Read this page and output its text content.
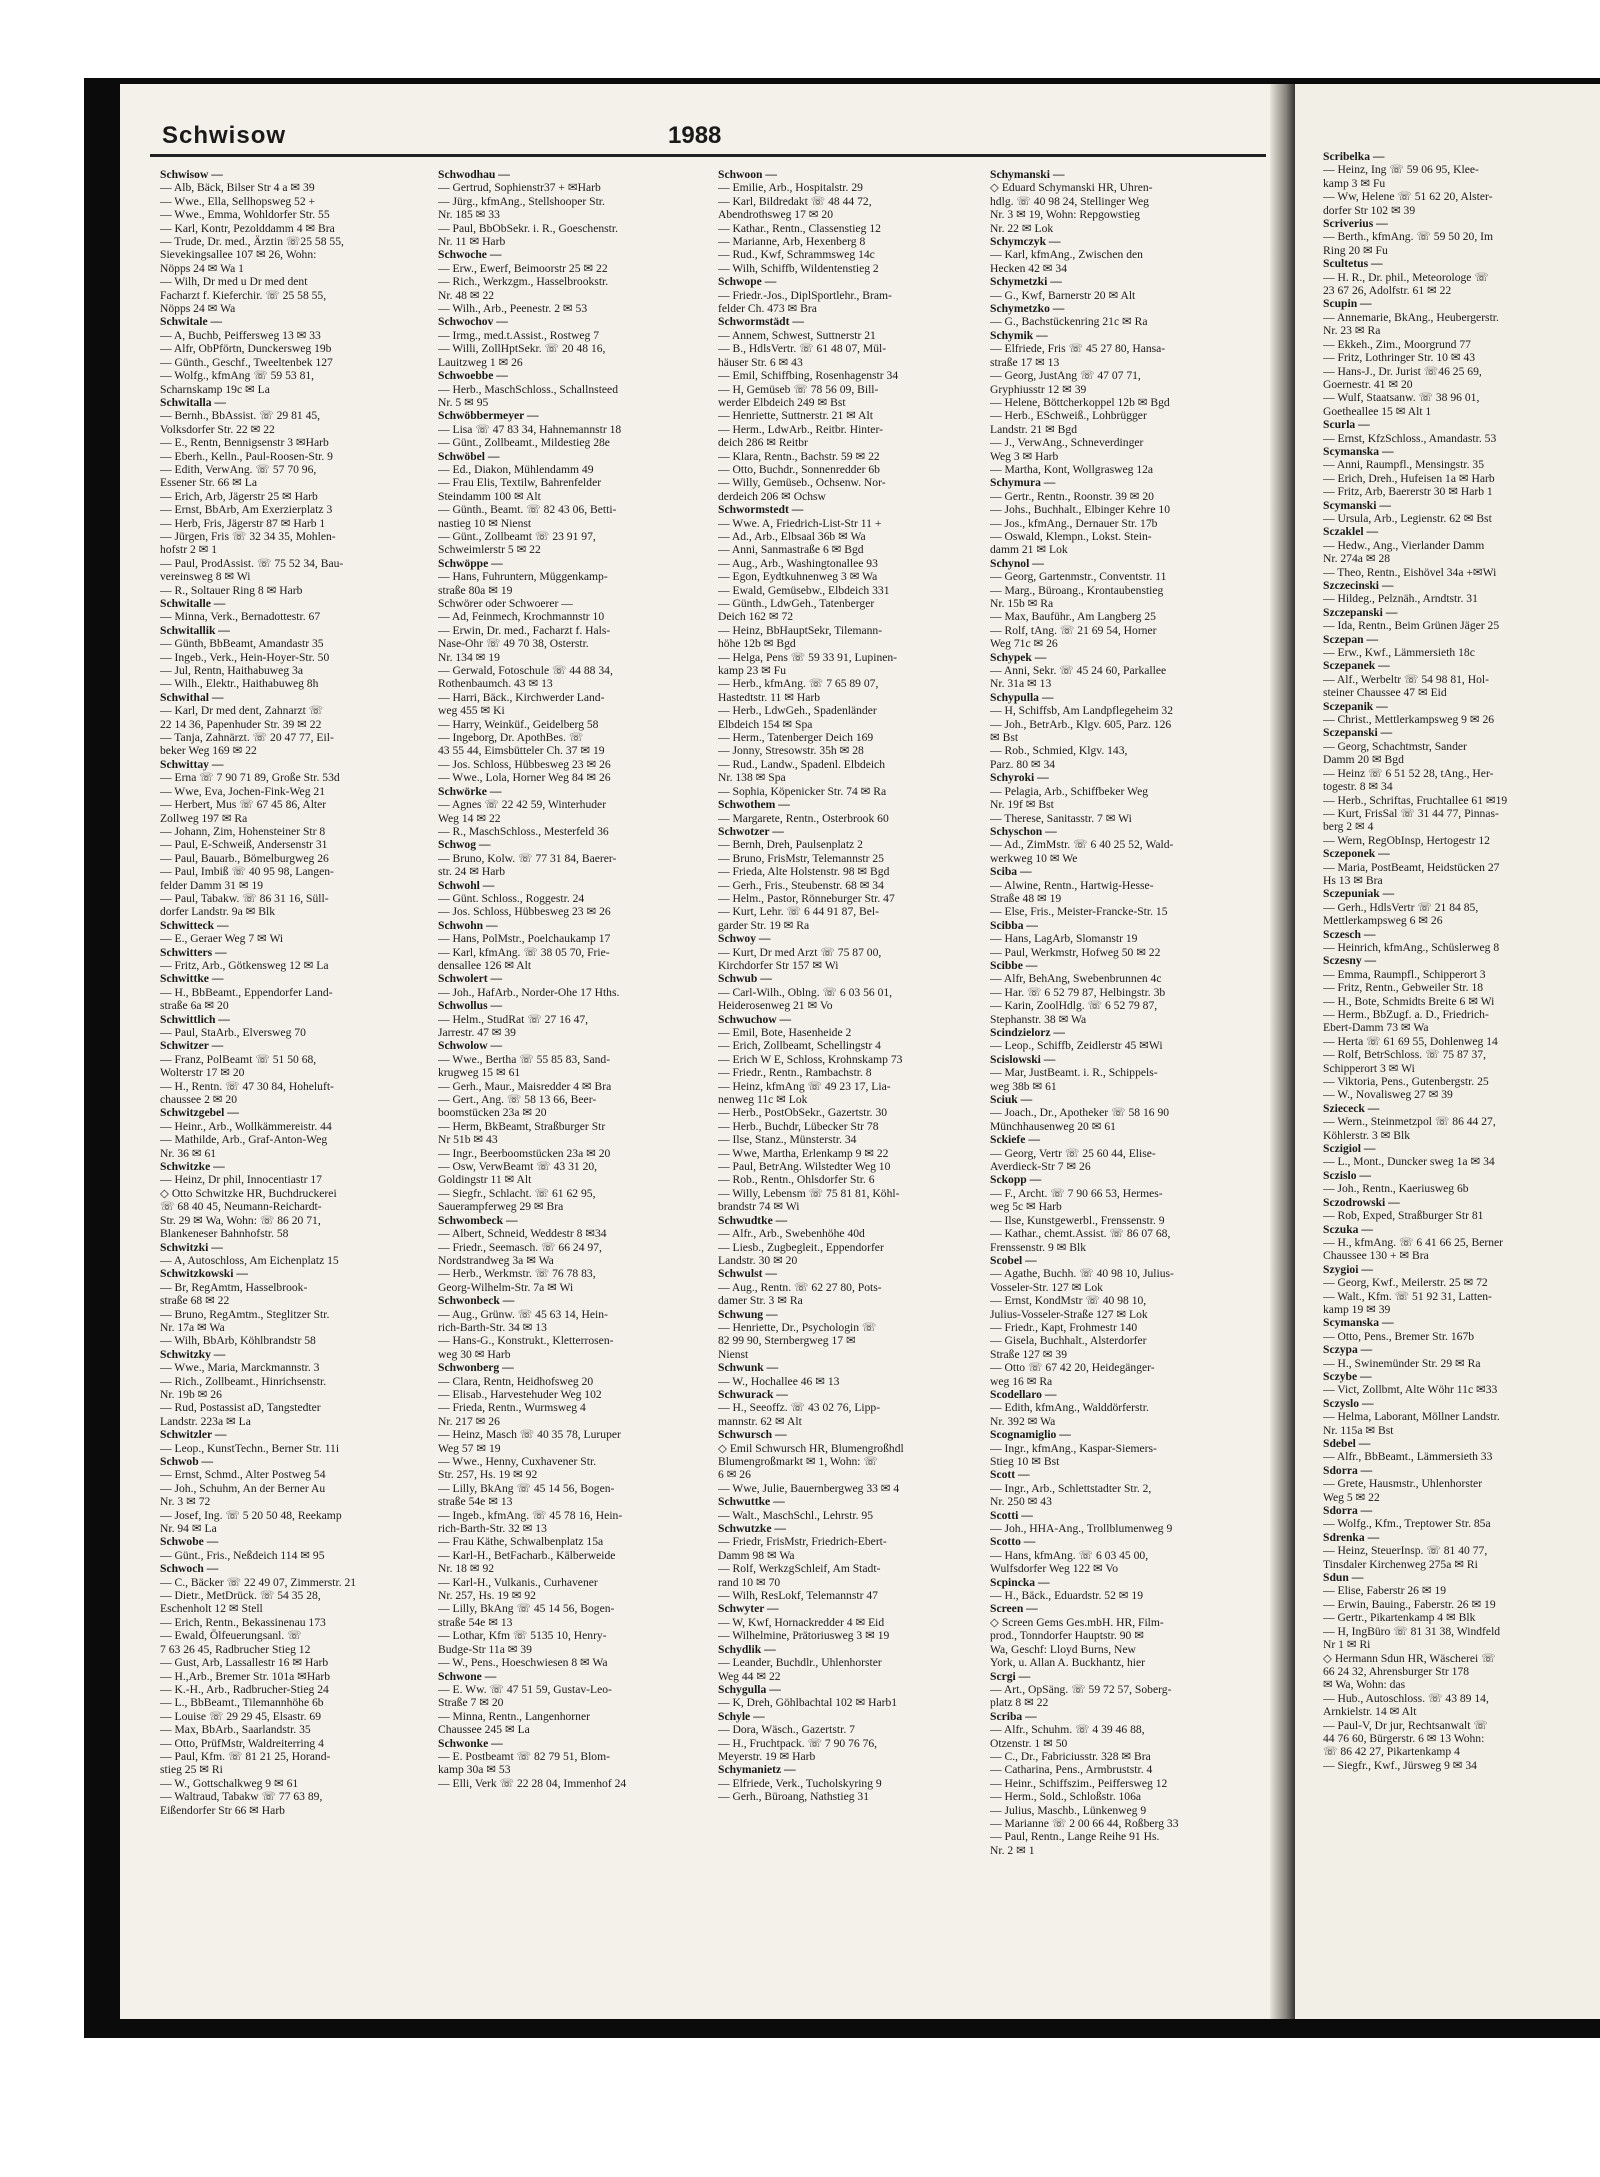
Schwisow	1988
Schwisow —
— Alb, Bäck, Bilser Str 4 a ✉ 39
— Wwe., Ella, Sellhopsweg 52 +
— Wwe., Emma, Wohldorfer Str. 55
— Karl, Kontr, Pezolddamm 4 ✉ Bra
— Trude, Dr. med., Ärztin ☏25 58 55,
Sievekingsallee 107 ✉ 26, Wohn:
Nöpps 24 ✉ Wa 1
— Wilh, Dr med u Dr med dent
Facharzt f. Kieferchir. ☏ 25 58 55,
Nöpps 24 ✉ Wa
Schwitale —
— A, Buchb, Peiffersweg 13 ✉ 33
— Alfr, ObPförtn, Dunckersweg 19b
— Günth., Geschf., Tweeltenbek 127
— Wolfg., kfmAng ☏ 59 53 81,
Scharnskamp 19c ✉ La
Schwitalla —
— Bernh., BbAssist. ☏ 29 81 45,
Volksdorfer Str. 22 ✉ 22
— E., Rentn, Bennigsenstr 3 ✉Harb
— Eberh., Kelln., Paul-Roosen-Str. 9
— Edith, VerwAng. ☏ 57 70 96,
Essener Str. 66 ✉ La
— Erich, Arb, Jägerstr 25 ✉ Harb
— Ernst, BbArb, Am Exerzierplatz 3
— Herb, Fris, Jägerstr 87 ✉ Harb 1
— Jürgen, Fris ☏ 32 34 35, Mohlen-
hofstr 2 ✉ 1
— Paul, ProdAssist. ☏ 75 52 34, Bau-
vereinsweg 8 ✉ Wi
— R., Soltauer Ring 8 ✉ Harb
Schwitalle —
— Minna, Verk., Bernadottestr. 67
Schwitallik —
— Günth, BbBeamt, Amandastr 35
— Ingeb., Verk., Hein-Hoyer-Str. 50
— Jul, Rentn, Haithabuweg 3a
— Wilh., Elektr., Haithabuweg 8h
Schwithal —
— Karl, Dr med dent, Zahnarzt ☏
22 14 36, Papenhuder Str. 39 ✉ 22
— Tanja, Zahnärzt. ☏ 20 47 77, Eil-
beker Weg 169 ✉ 22
Schwittay —
— Erna ☏ 7 90 71 89, Große Str. 53d
— Wwe, Eva, Jochen-Fink-Weg 21
— Herbert, Mus ☏ 67 45 86, Alter
Zollweg 197 ✉ Ra
— Johann, Zim, Hohensteiner Str 8
— Paul, E-Schweiß, Andersenstr 31
— Paul, Bauarb., Bömelburgweg 26
— Paul, Imbiß ☏ 40 95 98, Langen-
felder Damm 31 ✉ 19
— Paul, Tabakw. ☏ 86 31 16, Süll-
dorfer Landstr. 9a ✉ Blk
Schwitteck —
— E., Geraer Weg 7 ✉ Wi
Schwitters —
— Fritz, Arb., Götkensweg 12 ✉ La
Schwittke —
— H., BbBeamt., Eppendorfer Land-
straße 6a ✉ 20
Schwittlich —
— Paul, StaArb., Elversweg 70
Schwitzer —
— Franz, PolBeamt ☏ 51 50 68,
Wolterstr 17 ✉ 20
— H., Rentn. ☏ 47 30 84, Hoheluft-
chaussee 2 ✉ 20
Schwitzgebel —
— Heinr., Arb., Wollkämmereistr. 44
— Mathilde, Arb., Graf-Anton-Weg
Nr. 36 ✉ 61
Schwitzke —
— Heinz, Dr phil, Innocentiastr 17
◇ Otto Schwitzke HR, Buchdruckerei
☏ 68 40 45, Neumann-Reichardt-
Str. 29 ✉ Wa, Wohn: ☏ 86 20 71,
Blankeneser Bahnhofstr. 58
Schwitzki —
— A, Autoschloss, Am Eichenplatz 15
Schwitzkowski —
— Br, RegAmtm, Hasselbrook-
straße 68 ✉ 22
— Bruno, RegAmtm., Steglitzer Str.
Nr. 17a ✉ Wa
— Wilh, BbArb, Köhlbrandstr 58
Schwitzky —
— Wwe., Maria, Marckmannstr. 3
— Rich., Zollbeamt., Hinrichsenstr.
Nr. 19b ✉ 26
— Rud, Postassist aD, Tangstedter
Landstr. 223a ✉ La
Schwitzler —
— Leop., KunstTechn., Berner Str. 11i
Schwob —
— Ernst, Schmd., Alter Postweg 54
— Joh., Schuhm, An der Berner Au
Nr. 3 ✉ 72
— Josef, Ing. ☏ 5 20 50 48, Reekamp
Nr. 94 ✉ La
Schwobe —
— Günt., Fris., Neßdeich 114 ✉ 95
Schwoch —
— C., Bäcker ☏ 22 49 07, Zimmerstr. 21
— Dietr., MetDrück. ☏ 54 35 28,
Eschenholt 12 ✉ Stell
— Erich, Rentn., Bekassinenau 173
— Ewald, Ölfeuerungsanl. ☏
7 63 26 45, Radbrucher Stieg 12
— Gust, Arb, Lassallestr 16 ✉ Harb
— H.,Arb., Bremer Str. 101a ✉Harb
— K.-H., Arb., Radbrucher-Stieg 24
— L., BbBeamt., Tilemannhöhe 6b
— Louise ☏ 29 29 45, Elsastr. 69
— Max, BbArb., Saarlandstr. 35
— Otto, PrüfMstr, Waldreiterring 4
— Paul, Kfm. ☏ 81 21 25, Horand-
stieg 25 ✉ Ri
— W., Gottschalkweg 9 ✉ 61
— Waltraud, Tabakw ☏ 77 63 89,
Eißendorfer Str 66 ✉ Harb
Schwodhau —
— Gertrud, Sophienstr37 + ✉Harb
— Jürg., kfmAng., Stellshooper Str.
Nr. 185 ✉ 33
— Paul, BbObSekr. i. R., Goeschenstr.
Nr. 11 ✉ Harb
Schwoche —
— Erw., Ewerf, Beimoorstr 25 ✉ 22
— Rich., Werkzgm., Hasselbrookstr.
Nr. 48 ✉ 22
— Wilh., Arb., Peenestr. 2 ✉ 53
Schwochov —
— Irmg., med.t.Assist., Rostweg 7
— Willi, ZollHptSekr. ☏ 20 48 16,
Lauitzweg 1 ✉ 26
Schwoebbe —
— Herb., MaschSchloss., Schallnsteed
Nr. 5 ✉ 95
Schwöbbermeyer —
— Lisa ☏ 47 83 34, Hahnemannstr 18
— Günt., Zollbeamt., Mildestieg 28e
Schwöbel —
— Ed., Diakon, Mühlendamm 49
— Frau Elis, Textilw, Bahrenfelder
Steindamm 100 ✉ Alt
— Günth., Beamt. ☏ 82 43 06, Betti-
nastieg 10 ✉ Nienst
— Günt., Zollbeamt ☏ 23 91 97,
Schweimlerstr 5 ✉ 22
Schwöppe —
— Hans, Fuhruntern, Müggenkamp-
straße 80a ✉ 19
Schwörer oder Schwoerer —
— Ad, Feinmech, Krochmannstr 10
— Erwin, Dr. med., Facharzt f. Hals-
Nase-Ohr ☏ 49 70 38, Osterstr.
Nr. 134 ✉ 19
— Gerwald, Fotoschule ☏ 44 88 34,
Rothenbaumch. 43 ✉ 13
— Harri, Bäck., Kirchwerder Land-
weg 455 ✉ Ki
— Harry, Weinküf., Geidelberg 58
— Ingeborg, Dr. ApothBes. ☏
43 55 44, Eimsbütteler Ch. 37 ✉ 19
— Jos. Schloss, Hübbesweg 23 ✉ 26
— Wwe., Lola, Horner Weg 84 ✉ 26
Schwörke —
— Agnes ☏ 22 42 59, Winterhuder
Weg 14 ✉ 22
— R., MaschSchloss., Mesterfeld 36
Schwog —
— Bruno, Kolw. ☏ 77 31 84, Baerer-
str. 24 ✉ Harb
Schwohl —
— Günt. Schloss., Roggestr. 24
— Jos. Schloss, Hübbesweg 23 ✉ 26
Schwohn —
— Hans, PolMstr., Poelchaukamp 17
— Karl, kfmAng. ☏ 38 05 70, Frie-
densallee 126 ✉ Alt
Schwolert —
— Joh., HafArb., Norder-Ohe 17 Hths.
Schwollus —
— Helm., StudRat ☏ 27 16 47,
Jarrestr. 47 ✉ 39
Schwolow —
— Wwe., Bertha ☏ 55 85 83, Sand-
krugweg 15 ✉ 61
— Gerh., Maur., Maisredder 4 ✉ Bra
— Gert., Ang. ☏ 58 13 66, Beer-
boomstücken 23a ✉ 20
— Herm, BkBeamt, Straßburger Str
Nr 51b ✉ 43
— Ingr., Beerboomstücken 23a ✉ 20
— Osw, VerwBeamt ☏ 43 31 20,
Goldingstr 11 ✉ Alt
— Siegfr., Schlacht. ☏ 61 62 95,
Sauerampferweg 29 ✉ Bra
Schwombeck —
— Albert, Schneid, Weddestr 8 ✉34
— Friedr., Seemasch. ☏ 66 24 97,
Nordstrandweg 3a ✉ Wa
— Herb., Werkmstr. ☏ 76 78 83,
Georg-Wilhelm-Str. 7a ✉ Wi
Schwonbeck —
— Aug., Grünw. ☏ 45 63 14, Hein-
rich-Barth-Str. 34 ✉ 13
— Hans-G., Konstrukt., Kletterrosen-
weg 30 ✉ Harb
Schwonberg —
— Clara, Rentn, Heidhofsweg 20
— Elisab., Harvestehuder Weg 102
— Frieda, Rentn., Wurmsweg 4
Nr. 217 ✉ 26
— Heinz, Masch ☏ 40 35 78, Luruper
Weg 57 ✉ 19
— Wwe., Henny, Cuxhavener Str.
Str. 257, Hs. 19 ✉ 92
— Lilly, BkAng ☏ 45 14 56, Bogen-
straße 54e ✉ 13
— Ingeb., kfmAng. ☏ 45 78 16, Hein-
rich-Barth-Str. 32 ✉ 13
— Frau Käthe, Schwalbenplatz 15a
— Karl-H., BetFacharb., Kälberweide
Nr. 18 ✉ 92
— Karl-H., Vulkanis., Curhavener
Nr. 257, Hs. 19 ✉ 92
— Lilly, BkAng ☏ 45 14 56, Bogen-
straße 54e ✉ 13
— Lothar, Kfm ☏ 5135 10, Henry-
Budge-Str 11a ✉ 39
— W., Pens., Hoeschwiesen 8 ✉ Wa
Schwone —
— E. Ww. ☏ 47 51 59, Gustav-Leo-
Straße 7 ✉ 20
— Minna, Rentn., Langenhorner
Chaussee 245 ✉ La
Schwonke —
— E. Postbeamt ☏ 82 79 51, Blom-
kamp 30a ✉ 53
— Elli, Verk ☏ 22 28 04, Immenhof 24
Schwoon —
— Emilie, Arb., Hospitalstr. 29
— Karl, Bildredakt ☏ 48 44 72,
Abendrothsweg 17 ✉ 20
— Kathar., Rentn., Classenstieg 12
— Marianne, Arb, Hexenberg 8
— Rud., Kwf, Schrammsweg 14c
— Wilh, Schiffb, Wildentenstieg 2
Schwope —
— Friedr.-Jos., DiplSportlehr., Bram-
felder Ch. 473 ✉ Bra
Schwormstädt —
— Annem, Schwest, Suttnerstr 21
— B., HdlsVertr. ☏ 61 48 07, Mül-
häuser Str. 6 ✉ 43
— Emil, Schiffbing, Rosenhagenstr 34
— H, Gemüseb ☏ 78 56 09, Bill-
werder Elbdeich 249 ✉ Bst
— Henriette, Suttnerstr. 21 ✉ Alt
— Herm., LdwArb., Reitbr. Hinter-
deich 286 ✉ Reitbr
— Klara, Rentn., Bachstr. 59 ✉ 22
— Otto, Buchdr., Sonnenredder 6b
— Willy, Gemüseb., Ochsenw. Nor-
derdeich 206 ✉ Ochsw
Schwormstedt —
— Wwe. A, Friedrich-List-Str 11 +
— Ad., Arb., Elbsaal 36b ✉ Wa
— Anni, Sanmastraße 6 ✉ Bgd
— Aug., Arb., Washingtonallee 93
— Egon, Eydtkuhnenweg 3 ✉ Wa
— Ewald, Gemüsebw., Elbdeich 331
— Günth., LdwGeh., Tatenberger
Deich 162 ✉ 72
— Heinz, BbHauptSekr, Tilemann-
höhe 12b ✉ Bgd
— Helga, Pens ☏ 59 33 91, Lupinen-
kamp 23 ✉ Fu
— Herb., kfmAng. ☏ 7 65 89 07,
Hastedtstr. 11 ✉ Harb
— Herb., LdwGeh., Spadenländer
Elbdeich 154 ✉ Spa
— Herm., Tatenberger Deich 169
— Jonny, Stresowstr. 35h ✉ 28
— Rud., Landw., Spadenl. Elbdeich
Nr. 138 ✉ Spa
— Sophia, Köpenicker Str. 74 ✉ Ra
Schwothem —
— Margarete, Rentn., Osterbrook 60
Schwotzer —
— Bernh, Dreh, Paulsenplatz 2
— Bruno, FrisMstr, Telemannstr 25
— Frieda, Alte Holstenstr. 98 ✉ Bgd
— Gerh., Fris., Steubenstr. 68 ✉ 34
— Helm., Pastor, Rönneburger Str. 47
— Kurt, Lehr. ☏ 6 44 91 87, Bel-
garder Str. 19 ✉ Ra
Schwoy —
— Kurt, Dr med Arzt ☏ 75 87 00,
Kirchdorfer Str 157 ✉ Wi
Schwub —
— Carl-Wilh., Oblng. ☏ 6 03 56 01,
Heiderosenweg 21 ✉ Vo
Schwuchow —
— Emil, Bote, Hasenheide 2
— Erich, Zollbeamt, Schellingstr 4
— Erich W E, Schloss, Krohnskamp 73
— Friedr., Rentn., Rambachstr. 8
— Heinz, kfmAng ☏ 49 23 17, Lia-
nenweg 11c ✉ Lok
— Herb., PostObSekr., Gazertstr. 30
— Herb., Buchdr, Lübecker Str 78
— Ilse, Stanz., Münsterstr. 34
— Wwe, Martha, Erlenkamp 9 ✉ 22
— Paul, BetrAng. Wilstedter Weg 10
— Rob., Rentn., Ohlsdorfer Str. 6
— Willy, Lebensm ☏ 75 81 81, Köhl-
brandstr 74 ✉ Wi
Schwudtke —
— Alfr., Arb., Swebenhöhe 40d
— Liesb., Zugbegleit., Eppendorfer
Landstr. 30 ✉ 20
Schwulst —
— Aug., Rentn. ☏ 62 27 80, Pots-
damer Str. 3 ✉ Ra
Schwung —
— Henriette, Dr., Psychologin ☏
82 99 90, Sternbergweg 17 ✉
Nienst
Schwunk —
— W., Hochallee 46 ✉ 13
Schwurack —
— H., Seeoffz. ☏ 43 02 76, Lipp-
mannstr. 62 ✉ Alt
Schwursch —
◇ Emil Schwursch HR, Blumengroßhdl
Blumengroßmarkt ✉ 1, Wohn: ☏
6 ✉ 26
— Wwe, Julie, Bauernbergweg 33 ✉ 4
Schwuttke —
— Walt., MaschSchl., Lehrstr. 95
Schwutzke —
— Friedr, FrisMstr, Friedrich-Ebert-
Damm 98 ✉ Wa
— Rolf, WerkzgSchleif, Am Stadt-
rand 10 ✉ 70
— Wilh, ResLokf, Telemannstr 47
Schwyter —
— W, Kwf, Hornackredder 4 ✉ Eid
— Wilhelmine, Prätoriusweg 3 ✉ 19
Schydlik —
— Leander, Buchdlr., Uhlenhorster
Weg 44 ✉ 22
Schygulla —
— K, Dreh, Göhlbachtal 102 ✉ Harb1
Schyle —
— Dora, Wäsch., Gazertstr. 7
— H., Fruchtpack. ☏ 7 90 76 76,
Meyerstr. 19 ✉ Harb
Schymanietz —
— Elfriede, Verk., Tucholskyring 9
— Gerh., Büroang, Nathstieg 31
Schymanski —
◇ Eduard Schymanski HR, Uhren-
hdlg. ☏ 40 98 24, Stellinger Weg
Nr. 3 ✉ 19, Wohn: Repgowstieg
Nr. 22 ✉ Lok
Schymczyk —
— Karl, kfmAng., Zwischen den
Hecken 42 ✉ 34
Schymetzki —
— G., Kwf, Barnerstr 20 ✉ Alt
Schymetzko —
— G., Bachstückenring 21c ✉ Ra
Schymik —
— Elfriede, Fris ☏ 45 27 80, Hansa-
straße 17 ✉ 13
— Georg, JustAng ☏ 47 07 71,
Gryphiusstr 12 ✉ 39
— Helene, Böttcherkoppel 12b ✉ Bgd
— Herb., ESchweiß., Lohbrügger
Landstr. 21 ✉ Bgd
— J., VerwAng., Schneverdinger
Weg 3 ✉ Harb
— Martha, Kont, Wollgrasweg 12a
Schymura —
— Gertr., Rentn., Roonstr. 39 ✉ 20
— Johs., Buchhalt., Elbinger Kehre 10
— Jos., kfmAng., Dernauer Str. 17b
— Oswald, Klempn., Lokst. Stein-
damm 21 ✉ Lok
Schynol —
— Georg, Gartenmstr., Conventstr. 11
— Marg., Büroang., Krontaubenstieg
Nr. 15b ✉ Ra
— Max, Bauführ., Am Langberg 25
— Rolf, tAng. ☏ 21 69 54, Horner
Weg 71c ✉ 26
Schypek —
— Anni, Sekr. ☏ 45 24 60, Parkallee
Nr. 31a ✉ 13
Schypulla —
— H, Schiffsb, Am Landpflegeheim 32
— Joh., BetrArb., Klgv. 605, Parz. 126
✉ Bst
— Rob., Schmied, Klgv. 143,
Parz. 80 ✉ 34
Schyroki —
— Pelagia, Arb., Schiffbeker Weg
Nr. 19f ✉ Bst
— Therese, Sanitasstr. 7 ✉ Wi
Schyschon —
— Ad., ZimMstr. ☏ 6 40 25 52, Wald-
werkweg 10 ✉ We
Sciba —
— Alwine, Rentn., Hartwig-Hesse-
Straße 48 ✉ 19
— Else, Fris., Meister-Francke-Str. 15
Scibba —
— Hans, LagArb, Slomanstr 19
— Paul, Werkmstr, Hofweg 50 ✉ 22
Scibbe —
— Alfr, BehAng, Swebenbrunnen 4c
— Har. ☏ 6 52 79 87, Helbingstr. 3b
— Karin, ZoolHdlg. ☏ 6 52 79 87,
Stephanstr. 38 ✉ Wa
Scindzielorz —
— Leop., Schiffb, Zeidlerstr 45 ✉Wi
Scislowski —
— Mar, JustBeamt. i. R., Schippels-
weg 38b ✉ 61
Sciuk —
— Joach., Dr., Apotheker ☏ 58 16 90
Münchhausenweg 20 ✉ 61
Sckiefe —
— Georg, Vertr ☏ 25 60 44, Elise-
Averdieck-Str 7 ✉ 26
Sckopp —
— F., Archt. ☏ 7 90 66 53, Hermes-
weg 5c ✉ Harb
— Ilse, Kunstgewerbl., Frenssenstr. 9
— Kathar., chemt.Assist. ☏ 86 07 68,
Frenssenstr. 9 ✉ Blk
Scobel —
— Agathe, Buchh. ☏ 40 98 10, Julius-
Vosseler-Str. 127 ✉ Lok
— Ernst, KondMstr ☏ 40 98 10,
Julius-Vosseler-Straße 127 ✉ Lok
— Friedr., Kapt, Frohmestr 140
— Gisela, Buchhalt., Alsterdorfer
Straße 127 ✉ 39
— Otto ☏ 67 42 20, Heidegänger-
weg 16 ✉ Ra
Scodellaro —
— Edith, kfmAng., Walddörferstr.
Nr. 392 ✉ Wa
Scognamiglio —
— Ingr., kfmAng., Kaspar-Siemers-
Stieg 10 ✉ Bst
Scott —
— Ingr., Arb., Schlettstadter Str. 2,
Nr. 250 ✉ 43
Scotti —
— Joh., HHA-Ang., Trollblumenweg 9
Scotto —
— Hans, kfmAng. ☏ 6 03 45 00,
Wulfsdorfer Weg 122 ✉ Vo
Scpincka —
— H., Bäck., Eduardstr. 52 ✉ 19
Screen —
◇ Screen Gems Ges.mbH. HR, Film-
prod., Tonndorfer Hauptstr. 90 ✉
Wa, Geschf: Lloyd Burns, New
York, u. Allan A. Buckhantz, hier
Scrgi —
— Art., OpSäng. ☏ 59 72 57, Soberg-
platz 8 ✉ 22
Scriba —
— Alfr., Schuhm. ☏ 4 39 46 88,
Otzenstr. 1 ✉ 50
— C., Dr., Fabriciusstr. 328 ✉ Bra
— Catharina, Pens., Armbruststr. 4
— Heinr., Schiffszim., Peiffersweg 12
— Herm., Sold., Schloßstr. 106a
— Julius, Maschb., Lünkenweg 9
— Marianne ☏ 2 00 66 44, Roßberg 33
— Paul, Rentn., Lange Reihe 91 Hs.
Nr. 2 ✉ 1
Scribelka —
— Heinz, Ing ☏ 59 06 95, Klee-
kamp 3 ✉ Fu
— Ww, Helene ☏ 51 62 20, Alster-
dorfer Str 102 ✉ 39
Scriverius —
— Berth., kfmAng. ☏ 59 50 20, Im
Ring 20 ✉ Fu
Scultetus —
— H. R., Dr. phil., Meteorologe ☏
23 67 26, Adolfstr. 61 ✉ 22
Scupin —
— Annemarie, BkAng., Heubergerstr.
Nr. 23 ✉ Ra
— Ekkeh., Zim., Moorgrund 77
— Fritz, Lothringer Str. 10 ✉ 43
— Hans-J., Dr. Jurist ☏46 25 69,
Goernestr. 41 ✉ 20
— Wulf, Staatsanw. ☏ 38 96 01,
Goetheallee 15 ✉ Alt 1
Scurla —
— Ernst, KfzSchloss., Amandastr. 53
Scymanska —
— Anni, Raumpfl., Mensingstr. 35
— Erich, Dreh., Hufeisen 1a ✉ Harb
— Fritz, Arb, Baererstr 30 ✉ Harb 1
Scymanski —
— Ursula, Arb., Legienstr. 62 ✉ Bst
Sczaklel —
— Hedw., Ang., Vierlander Damm
Nr. 274a ✉ 28
— Theo, Rentn., Eishövel 34a +✉Wi
Szczecinski —
— Hildeg., Pelznäh., Arndtstr. 31
Szczepanski —
— Ida, Rentn., Beim Grünen Jäger 25
Sczepan —
— Erw., Kwf., Lämmersieth 18c
Sczepanek —
— Alf., Werbeltr ☏ 54 98 81, Hol-
steiner Chaussee 47 ✉ Eid
Sczepanik —
— Christ., Mettlerkampsweg 9 ✉ 26
Sczepanski —
— Georg, Schachtmstr, Sander
Damm 20 ✉ Bgd
— Heinz ☏ 6 51 52 28, tAng., Her-
togestr. 8 ✉ 34
— Herb., Schriftas, Fruchtallee 61 ✉19
— Kurt, FrisSal ☏ 31 44 77, Pinnas-
berg 2 ✉ 4
— Wern, RegObInsp, Hertogestr 12
Sczeponek —
— Maria, PostBeamt, Heidstücken 27
Hs 13 ✉ Bra
Sczepuniak —
— Gerh., HdlsVertr ☏ 21 84 85,
Mettlerkampsweg 6 ✉ 26
Sczesch —
— Heinrich, kfmAng., Schüslerweg 8
Sczesny —
— Emma, Raumpfl., Schipperort 3
— Fritz, Rentn., Gebweiler Str. 18
— H., Bote, Schmidts Breite 6 ✉ Wi
— Herm., BbZugf. a. D., Friedrich-
Ebert-Damm 73 ✉ Wa
— Herta ☏ 61 69 55, Dohlenweg 14
— Rolf, BetrSchloss. ☏ 75 87 37,
Schipperort 3 ✉ Wi
— Viktoria, Pens., Gutenbergstr. 25
— W., Novalisweg 27 ✉ 39
Sziececk —
— Wern., Steinmetzpol ☏ 86 44 27,
Köhlerstr. 3 ✉ Blk
Sczigiol —
— L., Mont., Duncker sweg 1a ✉ 34
Sczislo —
— Joh., Rentn., Kaeriusweg 6b
Sczodrowski —
— Rob, Exped, Straßburger Str 81
Sczuka —
— H., kfmAng. ☏ 6 41 66 25, Berner
Chaussee 130 + ✉ Bra
Szygioi —
— Georg, Kwf., Meilerstr. 25 ✉ 72
— Walt., Kfm. ☏ 51 92 31, Latten-
kamp 19 ✉ 39
Scymanska —
— Otto, Pens., Bremer Str. 167b
Sczypa —
— H., Swinemünder Str. 29 ✉ Ra
Sczybe —
— Vict, Zollbmt, Alte Wöhr 11c ✉33
Sczyslo —
— Helma, Laborant, Möllner Landstr.
Nr. 115a ✉ Bst
Sdebel —
— Alfr., BbBeamt., Lämmersieth 33
Sdorra —
— Grete, Hausmstr., Uhlenhorster
Weg 5 ✉ 22
Sdorra —
— Wolfg., Kfm., Treptower Str. 85a
Sdrenka —
— Heinz, SteuerInsp. ☏ 81 40 77,
Tinsdaler Kirchenweg 275a ✉ Ri
Sdun —
— Elise, Faberstr 26 ✉ 19
— Erwin, Bauing., Faberstr. 26 ✉ 19
— Gertr., Pikartenkamp 4 ✉ Blk
— H, IngBüro ☏ 81 31 38, Windfeld
Nr 1 ✉ Ri
◇ Hermann Sdun HR, Wäscherei ☏
66 24 32, Ahrensburger Str 178
✉ Wa, Wohn: das
— Hub., Autoschloss. ☏ 43 89 14,
Arnkielstr. 14 ✉ Alt
— Paul-V, Dr jur, Rechtsanwalt ☏
44 76 60, Bürgerstr. 6 ✉ 13 Wohn:
☏ 86 42 27, Pikartenkamp 4
— Siegfr., Kwf., Jürsweg 9 ✉ 34
